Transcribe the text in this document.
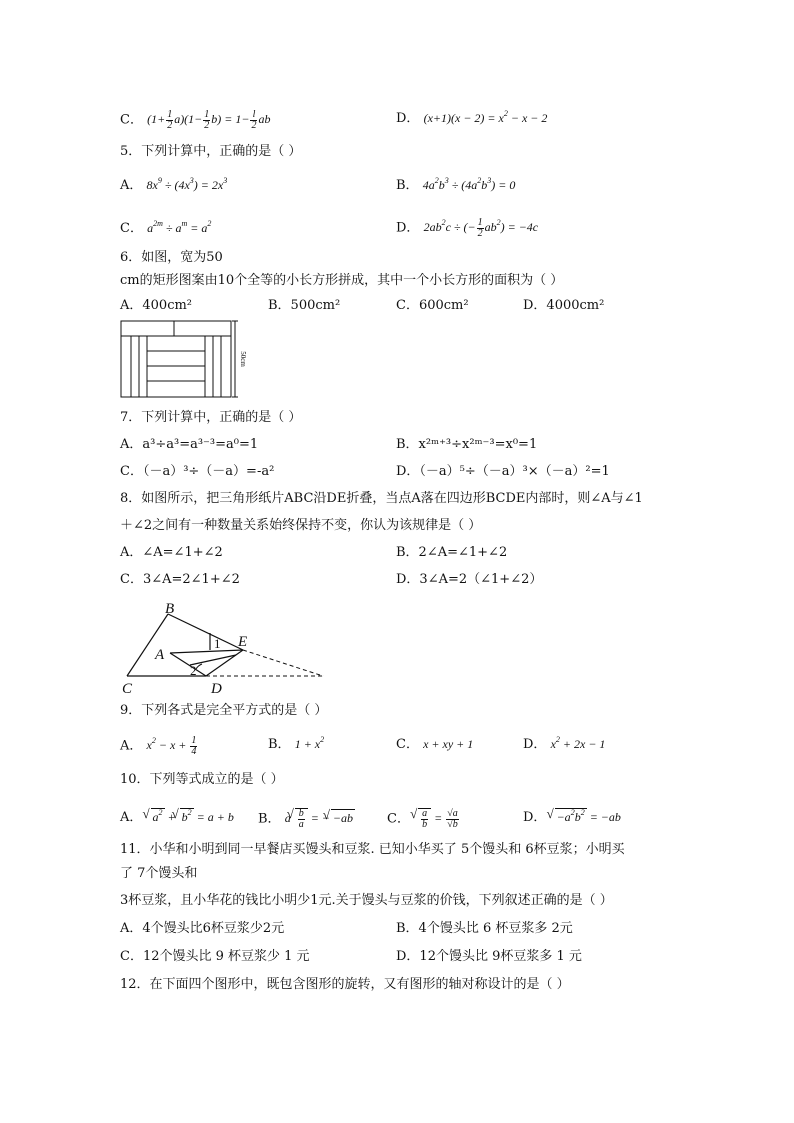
C． $(1+ \frac{1}{2} a)(1- \frac{1}{2} b) = 1- \frac{l}{2}$ ab	D． $(x+1)(x - 2) = x^2 - x - 2$
5．下列计算中，正确的是（ ）
A． $8x^9 \div (4x^3) = 2x^3$	B． $4a^2b^3 \div (4a^2b^3) = 0$
C． $a^{2m} \div a^m = a^2$	D． $2ab^2c$ ÷ (− $\frac{1}{2} ab^2) = -4c$
6．如图，宽为50
cm的矩形图案由10个全等的小长方形拼成，其中一个小长方形的面积为（ ）
A．400cm²	B．500cm²	C．600cm²	D．4000cm²
50cm
7．下列计算中，正确的是（ ）
A．a³÷a³=a³⁻³=a⁰=1	B．x²ᵐ⁺³÷x²ᵐ⁻³=x⁰=1
C．（－a）³÷（－a）=-a²	D．（－a）⁵÷（－a）³×（－a）²=1
8．如图所示，把三角形纸片ABC沿DE折叠，当点A落在四边形BCDE内部时，则∠A与∠1
＋∠2之间有一种数量关系始终保持不变，你认为该规律是（ ）
A．∠A=∠1+∠2	B．2∠A=∠1+∠2
C．3∠A=2∠1+∠2	D．3∠A=2（∠1+∠2）
B
E
A
C	D
1
2
9．下列各式是完全平方式的是（ ）
A． $x^2 - x + \frac{1}{4}$	B． $1 + x^2$	C． x + xy + 1	D． $x^2 + 2x - 1$
10．下列等式成立的是（ ）
A． √ $a^2$ + √ $b^2 = a + b$ B． a √ $\frac{b}{a}$ = − √ −ab	C． √ $\frac{a}{b} = \frac{√a}{√b}$	D． √ $-a^2b^2 = -ab$
11．小华和小明到同一早餐店买馒头和豆浆. 已知小华买了 5个馒头和 6杯豆浆；小明买
了 7个馒头和
3杯豆浆，且小华花的钱比小明少1元.关于馒头与豆浆的价钱，下列叙述正确的是（ ）
A．4个馒头比6杯豆浆少2元	B．4个馒头比 6 杯豆浆多 2元
C．12个馒头比 9 杯豆浆少 1 元	D．12个馒头比 9杯豆浆多 1 元
12．在下面四个图形中，既包含图形的旋转，又有图形的轴对称设计的是（ ）
